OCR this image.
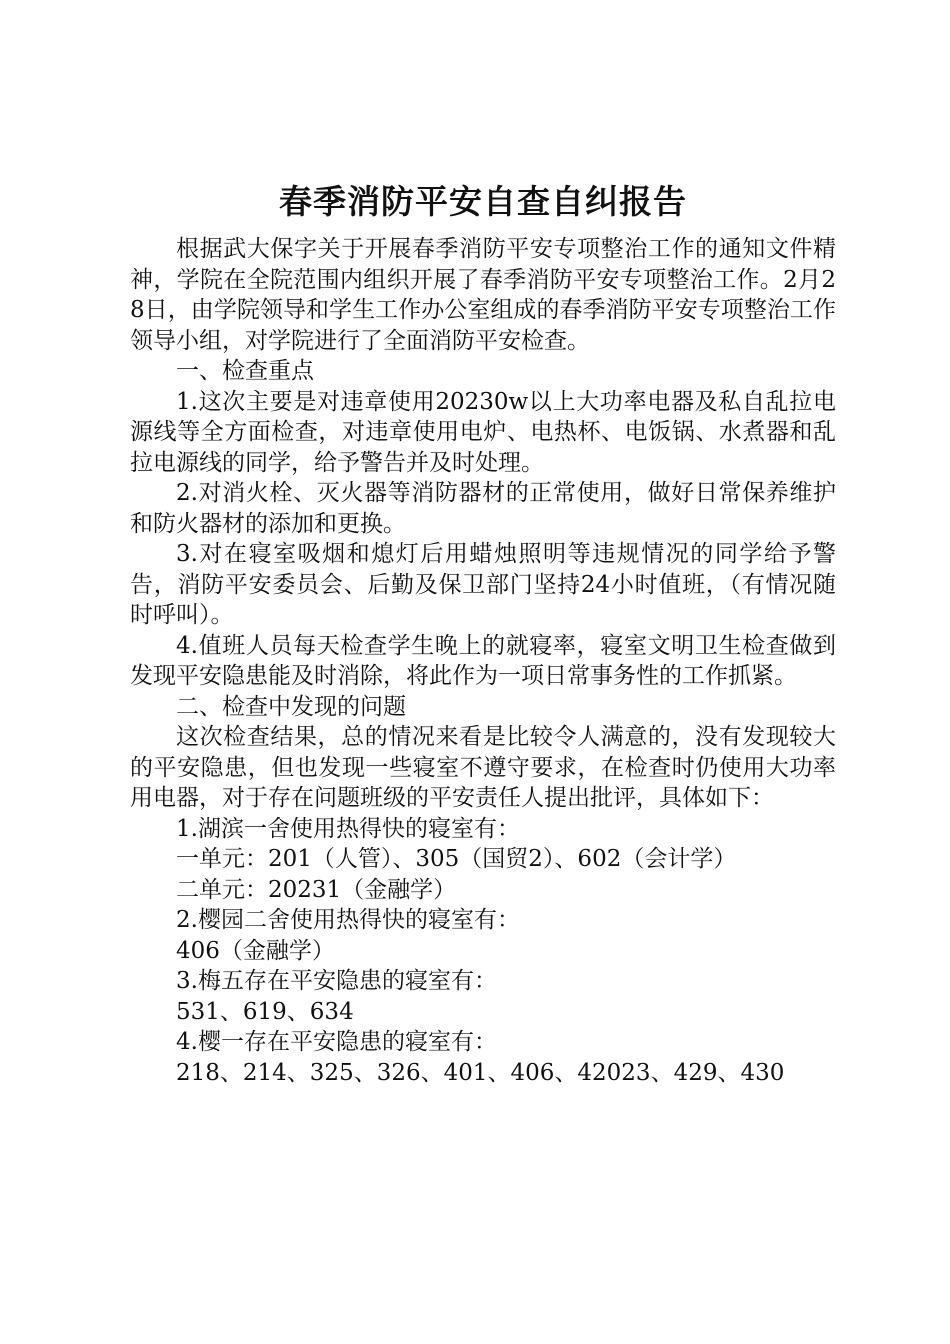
春季消防平安自查自纠报告

根据武大保字关于开展春季消防平安专项整治工作的通知文件精神，学院在全院范围内组织开展了春季消防平安专项整治工作。2月28日，由学院领导和学生工作办公室组成的春季消防平安专项整治工作领导小组，对学院进行了全面消防平安检查。

一、检查重点

1.这次主要是对违章使用20230w以上大功率电器及私自乱拉电源线等全方面检查，对违章使用电炉、电热杯、电饭锅、水煮器和乱拉电源线的同学，给予警告并及时处理。

2.对消火栓、灭火器等消防器材的正常使用，做好日常保养维护和防火器材的添加和更换。

3.对在寝室吸烟和熄灯后用蜡烛照明等违规情况的同学给予警告，消防平安委员会、后勤及保卫部门坚持24小时值班，（有情况随时呼叫）。

4.值班人员每天检查学生晚上的就寝率，寝室文明卫生检查做到发现平安隐患能及时消除，将此作为一项日常事务性的工作抓紧。

二、检查中发现的问题

这次检查结果，总的情况来看是比较令人满意的，没有发现较大的平安隐患，但也发现一些寝室不遵守要求，在检查时仍使用大功率用电器，对于存在问题班级的平安责任人提出批评，具体如下：

1.湖滨一舍使用热得快的寝室有：

一单元：201（人管）、305（国贸2）、602（会计学）

二单元：20231（金融学）

2.樱园二舍使用热得快的寝室有：

406（金融学）

3.梅五存在平安隐患的寝室有：

531、619、634

4.樱一存在平安隐患的寝室有：

218、214、325、326、401、406、42023、429、430
